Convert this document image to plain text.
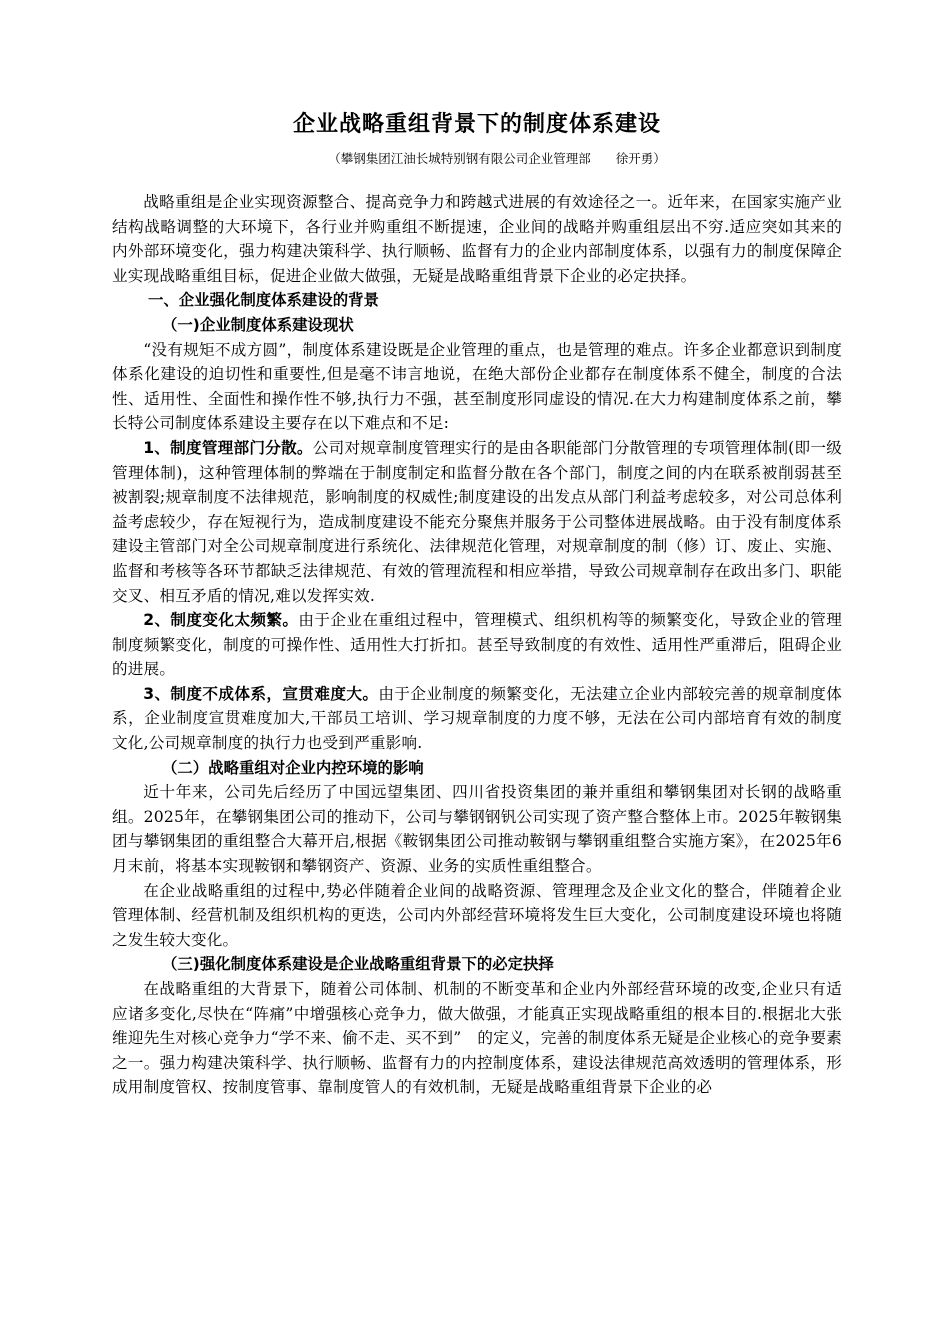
企业战略重组背景下的制度体系建设
（攀钢集团江油长城特别钢有限公司企业管理部　　徐开勇）

战略重组是企业实现资源整合、提高竞争力和跨越式进展的有效途径之一。近年来，在国家实施产业结构战略调整的大环境下，各行业并购重组不断提速，企业间的战略并购重组层出不穷.适应突如其来的内外部环境变化，强力构建决策科学、执行顺畅、监督有力的企业内部制度体系，以强有力的制度保障企业实现战略重组目标，促进企业做大做强，无疑是战略重组背景下企业的必定抉择。

一、企业强化制度体系建设的背景
（一)企业制度体系建设现状

“没有规矩不成方圆”，制度体系建设既是企业管理的重点，也是管理的难点。许多企业都意识到制度体系化建设的迫切性和重要性,但是毫不讳言地说，在绝大部份企业都存在制度体系不健全，制度的合法性、适用性、全面性和操作性不够,执行力不强，甚至制度形同虚设的情况.在大力构建制度体系之前，攀长特公司制度体系建设主要存在以下难点和不足:

1、制度管理部门分散。公司对规章制度管理实行的是由各职能部门分散管理的专项管理体制(即一级管理体制)，这种管理体制的弊端在于制度制定和监督分散在各个部门，制度之间的内在联系被削弱甚至被割裂;规章制度不法律规范，影响制度的权威性;制度建设的出发点从部门利益考虑较多，对公司总体利益考虑较少，存在短视行为，造成制度建设不能充分聚焦并服务于公司整体进展战略。由于没有制度体系建设主管部门对全公司规章制度进行系统化、法律规范化管理，对规章制度的制（修）订、废止、实施、监督和考核等各环节都缺乏法律规范、有效的管理流程和相应举措，导致公司规章制存在政出多门、职能交叉、相互矛盾的情况,难以发挥实效.

2、制度变化太频繁。由于企业在重组过程中，管理模式、组织机构等的频繁变化，导致企业的管理制度频繁变化，制度的可操作性、适用性大打折扣。甚至导致制度的有效性、适用性严重滞后，阻碍企业的进展。

3、制度不成体系，宣贯难度大。由于企业制度的频繁变化，无法建立企业内部较完善的规章制度体系，企业制度宣贯难度加大,干部员工培训、学习规章制度的力度不够，无法在公司内部培育有效的制度文化,公司规章制度的执行力也受到严重影响.

（二）战略重组对企业内控环境的影响

近十年来，公司先后经历了中国远望集团、四川省投资集团的兼并重组和攀钢集团对长钢的战略重组。2025年，在攀钢集团公司的推动下，公司与攀钢钢钒公司实现了资产整合整体上市。2025年鞍钢集团与攀钢集团的重组整合大幕开启,根据《鞍钢集团公司推动鞍钢与攀钢重组整合实施方案》，在2025年6月末前，将基本实现鞍钢和攀钢资产、资源、业务的实质性重组整合。

在企业战略重组的过程中,势必伴随着企业间的战略资源、管理理念及企业文化的整合，伴随着企业管理体制、经营机制及组织机构的更迭，公司内外部经营环境将发生巨大变化，公司制度建设环境也将随之发生较大变化。

（三)强化制度体系建设是企业战略重组背景下的必定抉择

在战略重组的大背景下，随着公司体制、机制的不断变革和企业内外部经营环境的改变,企业只有适应诸多变化,尽快在“阵痛”中增强核心竞争力，做大做强，才能真正实现战略重组的根本目的.根据北大张维迎先生对核心竞争力“学不来、偷不走、买不到”　的定义，完善的制度体系无疑是企业核心的竞争要素之一。强力构建决策科学、执行顺畅、监督有力的内控制度体系，建设法律规范高效透明的管理体系，形成用制度管权、按制度管事、靠制度管人的有效机制，无疑是战略重组背景下企业的必
